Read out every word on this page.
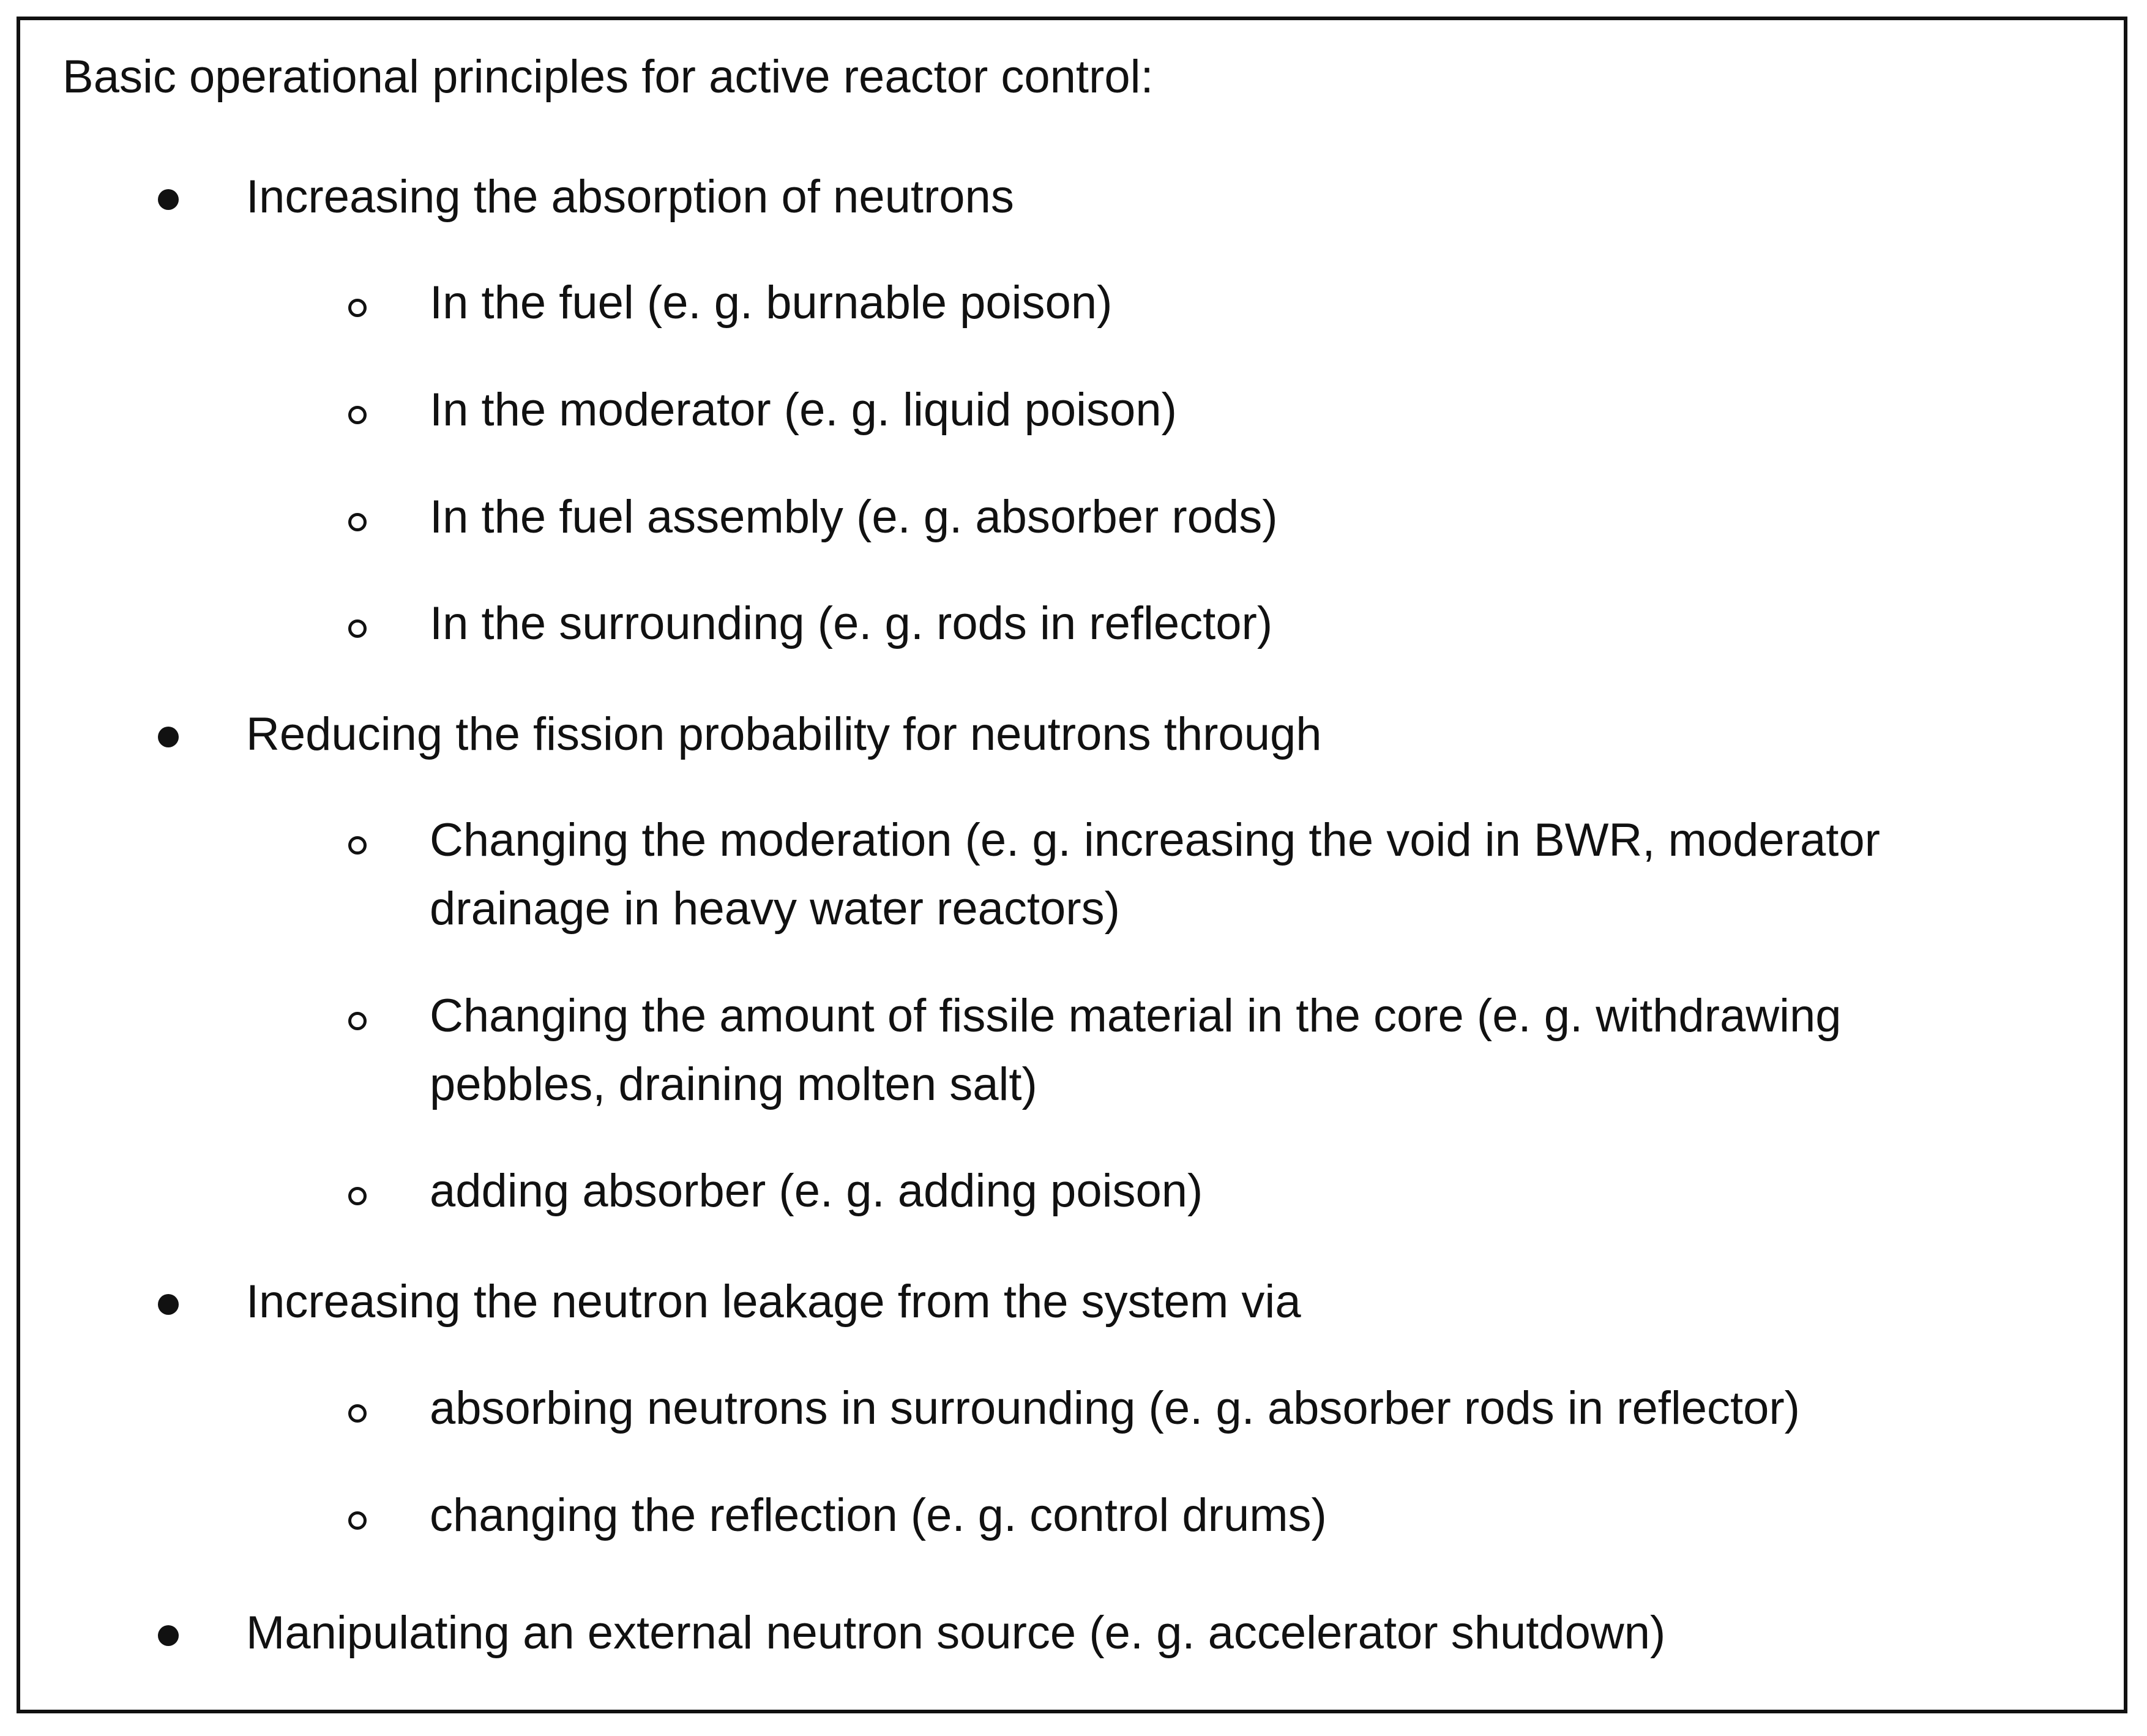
Basic operational principles for active reactor control:

Increasing the absorption of neutrons

In the fuel (e. g. burnable poison)

In the moderator (e. g. liquid poison)

In the fuel assembly (e. g. absorber rods)

In the surrounding (e. g. rods in reflector)

Reducing the fission probability for neutrons through

Changing the moderation (e. g. increasing the void in BWR, moderator

drainage in heavy water reactors)

Changing the amount of fissile material in the core (e. g. withdrawing

pebbles, draining molten salt)

adding absorber (e. g. adding poison)

Increasing the neutron leakage from the system via

absorbing neutrons in surrounding (e. g. absorber rods in reflector)

changing the reflection (e. g. control drums)

Manipulating an external neutron source (e. g. accelerator shutdown)
